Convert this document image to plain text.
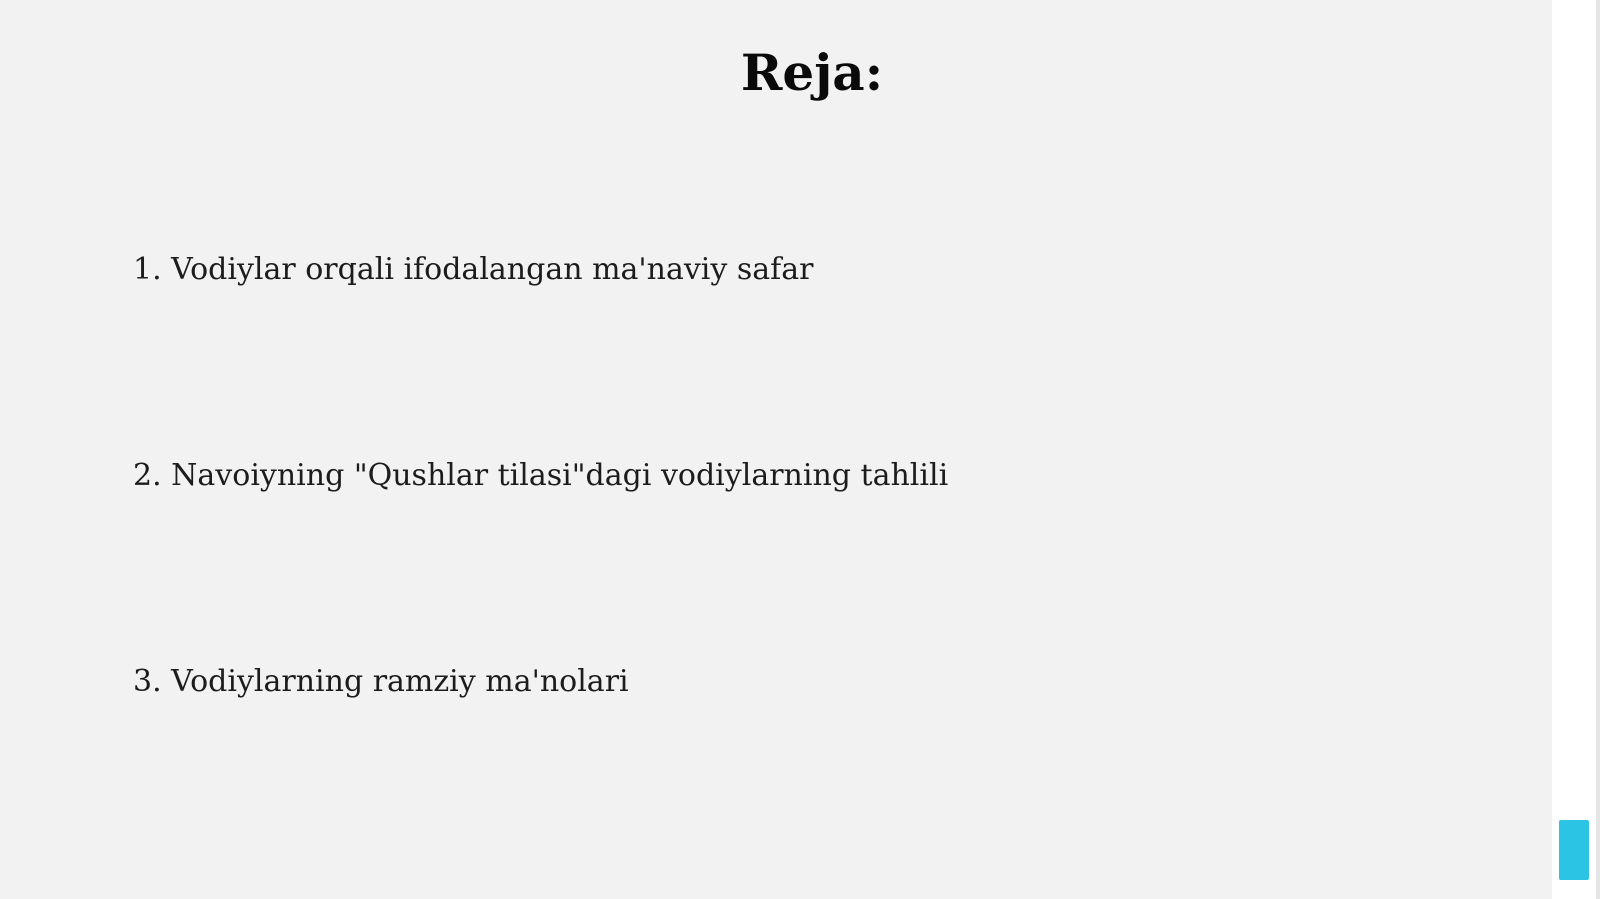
Reja:
1. Vodiylar orqali ifodalangan ma'naviy safar
2. Navoiyning "Qushlar tilasi"dagi vodiylarning tahlili
3. Vodiylarning ramziy ma'nolari
